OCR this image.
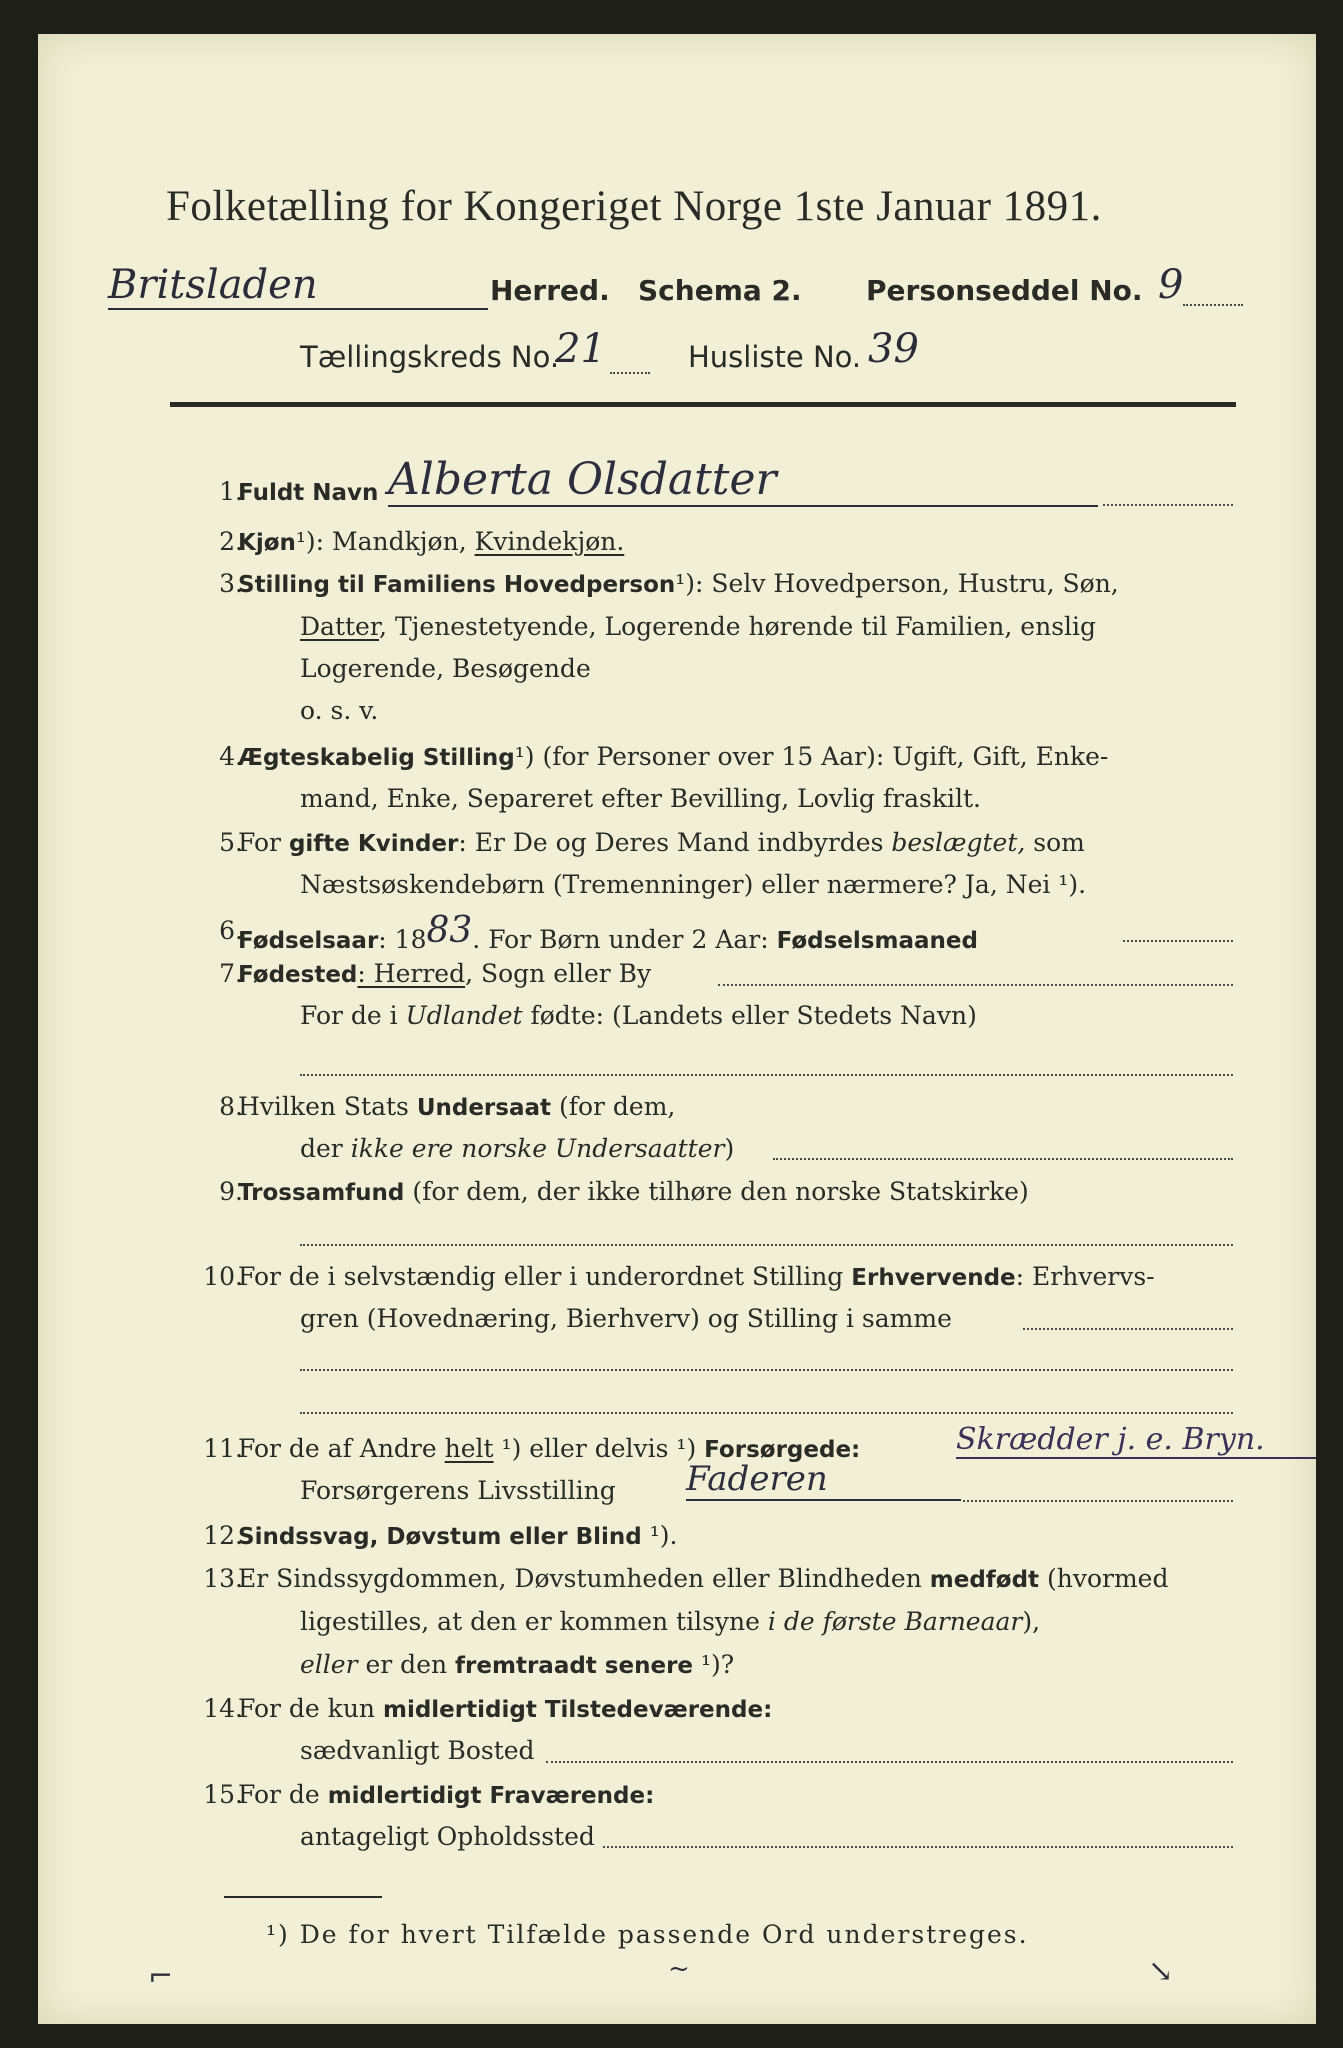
Folketælling for Kongeriget Norge 1ste Januar 1891.
Britsladen	Herred. Schema 2. Personseddel No. 9
Tællingskreds No.
21	Husliste No. 39
1.
Fuldt Navn Alberta Olsdatter
2.
Kjøn¹): Mandkjøn, Kvindekjøn.
3.
Stilling til Familiens Hovedperson¹): Selv Hovedperson, Hustru, Søn,
Datter, Tjenestetyende, Logerende hørende til Familien, enslig
Logerende, Besøgende
o. s. v.
4.
Ægteskabelig Stilling¹) (for Personer over 15 Aar): Ugift, Gift, Enke-
mand, Enke, Separeret efter Bevilling, Lovlig fraskilt.
5.
For gifte Kvinder: Er De og Deres Mand indbyrdes beslægtet, som
Næstsøskendebørn (Tremenninger) eller nærmere? Ja, Nei ¹).
6.
Fødselsaar: 1883. For Børn under 2 Aar: Fødselsmaaned
7.
Fødested: Herred, Sogn eller By
For de i Udlandet fødte: (Landets eller Stedets Navn)
8.
Hvilken Stats Undersaat (for dem,
der ikke ere norske Undersaatter)
9.
Trossamfund (for dem, der ikke tilhøre den norske Statskirke)
10.
For de i selvstændig eller i underordnet Stilling Erhvervende: Erhvervs-
gren (Hovednæring, Bierhverv) og Stilling i samme
11.
For de af Andre helt ¹) eller delvis ¹) Forsørgede:	Skrædder j. e. Bryn.
Forsørgerens Livsstilling Faderen
12.
Sindssvag, Døvstum eller Blind ¹).
13.
Er Sindssygdommen, Døvstumheden eller Blindheden medfødt (hvormed
ligestilles, at den er kommen tilsyne i de første Barneaar),
eller er den fremtraadt senere ¹)?
14.
For de kun midlertidigt Tilstedeværende:
sædvanligt Bosted
15.
For de midlertidigt Fraværende:
antageligt Opholdssted
¹) De for hvert Tilfælde passende Ord understreges.
⌐	~	↘
